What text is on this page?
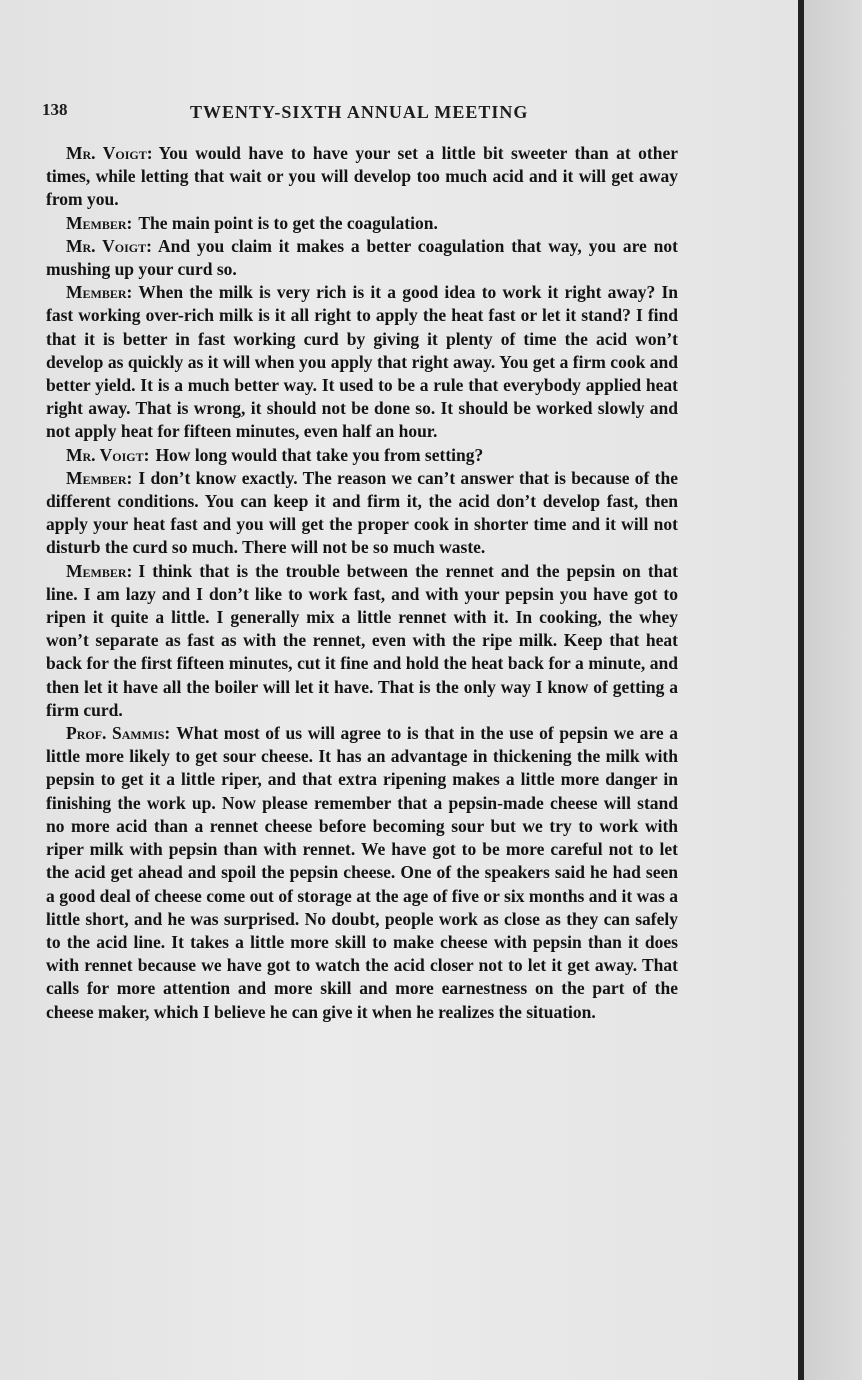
138	TWENTY-SIXTH ANNUAL MEETING

Mr. Voigt: You would have to have your set a little bit sweeter than at other times, while letting that wait or you will develop too much acid and it will get away from you.

Member: The main point is to get the coagulation.

Mr. Voigt: And you claim it makes a better coagulation that way, you are not mushing up your curd so.

Member: When the milk is very rich is it a good idea to work it right away? In fast working over-rich milk is it all right to apply the heat fast or let it stand? I find that it is better in fast working curd by giving it plenty of time the acid won’t develop as quickly as it will when you apply that right away. You get a firm cook and better yield. It is a much better way. It used to be a rule that everybody applied heat right away. That is wrong, it should not be done so. It should be worked slowly and not apply heat for fifteen minutes, even half an hour.

Mr. Voigt: How long would that take you from setting?

Member: I don’t know exactly. The reason we can’t answer that is because of the different conditions. You can keep it and firm it, the acid don’t develop fast, then apply your heat fast and you will get the proper cook in shorter time and it will not disturb the curd so much. There will not be so much waste.

Member: I think that is the trouble between the rennet and the pepsin on that line. I am lazy and I don’t like to work fast, and with your pepsin you have got to ripen it quite a little. I generally mix a little rennet with it. In cooking, the whey won’t separate as fast as with the rennet, even with the ripe milk. Keep that heat back for the first fifteen minutes, cut it fine and hold the heat back for a minute, and then let it have all the boiler will let it have. That is the only way I know of getting a firm curd.

Prof. Sammis: What most of us will agree to is that in the use of pepsin we are a little more likely to get sour cheese. It has an advantage in thickening the milk with pepsin to get it a little riper, and that extra ripening makes a little more danger in finishing the work up. Now please remember that a pepsin-made cheese will stand no more acid than a rennet cheese before becoming sour but we try to work with riper milk with pepsin than with rennet. We have got to be more careful not to let the acid get ahead and spoil the pepsin cheese. One of the speakers said he had seen a good deal of cheese come out of storage at the age of five or six months and it was a little short, and he was surprised. No doubt, people work as close as they can safely to the acid line. It takes a little more skill to make cheese with pepsin than it does with rennet because we have got to watch the acid closer not to let it get away. That calls for more attention and more skill and more earnestness on the part of the cheese maker, which I believe he can give it when he realizes the situation.
